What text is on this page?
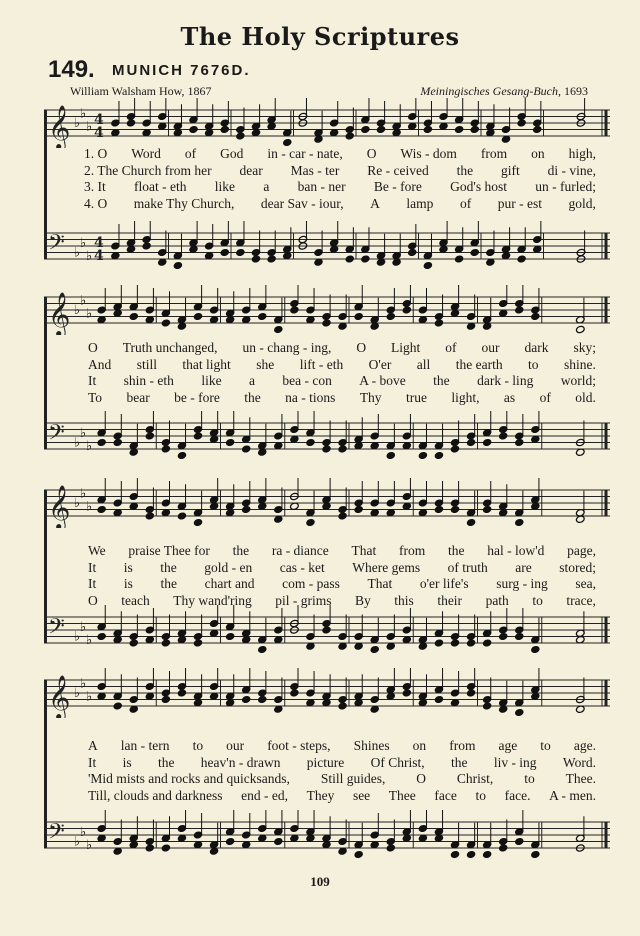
The Holy Scriptures
149. MUNICH 7676D.
William Walsham How, 1867	Meiningisches Gesang-Buch, 1693
𝄞 ♭
♭
♭ 4
4
1. O Word of God in - car - nate, O Wis - dom from on high,
2. The Church from her dear Mas - ter Re - ceived the gift di - vine,
3. It float - eth like a ban - ner Be - fore God's host un - furled;
4. O make Thy Church, dear Sav - iour, A lamp of pur - est gold,
𝄢 ♭
♭
♭
4
4
𝄞 ♭
♭
♭
O Truth unchanged, un - chang - ing, O Light of our dark sky;
And still that light she lift - eth O'er all the earth to shine.
It shin - eth like a bea - con A - bove the dark - ling world;
To bear be - fore the na - tions Thy true light, as of old.
𝄢 ♭
♭
♭
𝄞 ♭
♭
♭
We praise Thee for the ra - diance That from the hal - low'd page,
It is the gold - en cas - ket Where gems of truth are stored;
It is the chart and com - pass That o'er life's surg - ing sea,
O teach Thy wand'ring pil - grims By this their path to trace,
𝄢 ♭
♭
♭
𝄞 ♭
♭
♭
A lan - tern to our foot - steps, Shines on from age to age.
It is the heav'n - drawn picture Of Christ, the liv - ing Word.
'Mid mists and rocks and quicksands, Still guides, O Christ, to Thee.
Till, clouds and darkness end - ed, They see Thee face to face. A - men.
𝄢 ♭
♭
♭
109
